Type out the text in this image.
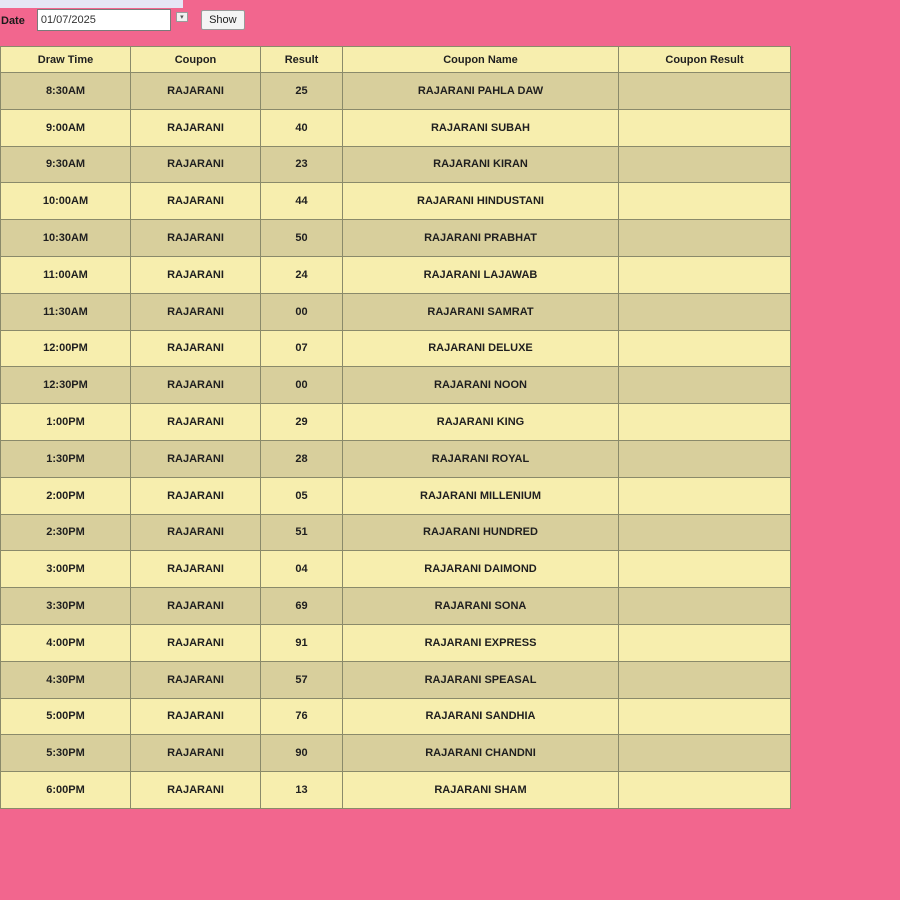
Date
01/07/2025	▾	Show
Draw Time	Coupon	Result	Coupon Name	Coupon Result
8:30AM	RAJARANI	25	RAJARANI PAHLA DAW	
9:00AM	RAJARANI	40	RAJARANI SUBAH	
9:30AM	RAJARANI	23	RAJARANI KIRAN	
10:00AM	RAJARANI	44	RAJARANI HINDUSTANI	
10:30AM	RAJARANI	50	RAJARANI PRABHAT	
11:00AM	RAJARANI	24	RAJARANI LAJAWAB	
11:30AM	RAJARANI	00	RAJARANI SAMRAT	
12:00PM	RAJARANI	07	RAJARANI DELUXE	
12:30PM	RAJARANI	00	RAJARANI NOON	
1:00PM	RAJARANI	29	RAJARANI KING	
1:30PM	RAJARANI	28	RAJARANI ROYAL	
2:00PM	RAJARANI	05	RAJARANI MILLENIUM	
2:30PM	RAJARANI	51	RAJARANI HUNDRED	
3:00PM	RAJARANI	04	RAJARANI DAIMOND	
3:30PM	RAJARANI	69	RAJARANI SONA	
4:00PM	RAJARANI	91	RAJARANI EXPRESS	
4:30PM	RAJARANI	57	RAJARANI SPEASAL	
5:00PM	RAJARANI	76	RAJARANI SANDHIA	
5:30PM	RAJARANI	90	RAJARANI CHANDNI	
6:00PM	RAJARANI	13	RAJARANI SHAM	
